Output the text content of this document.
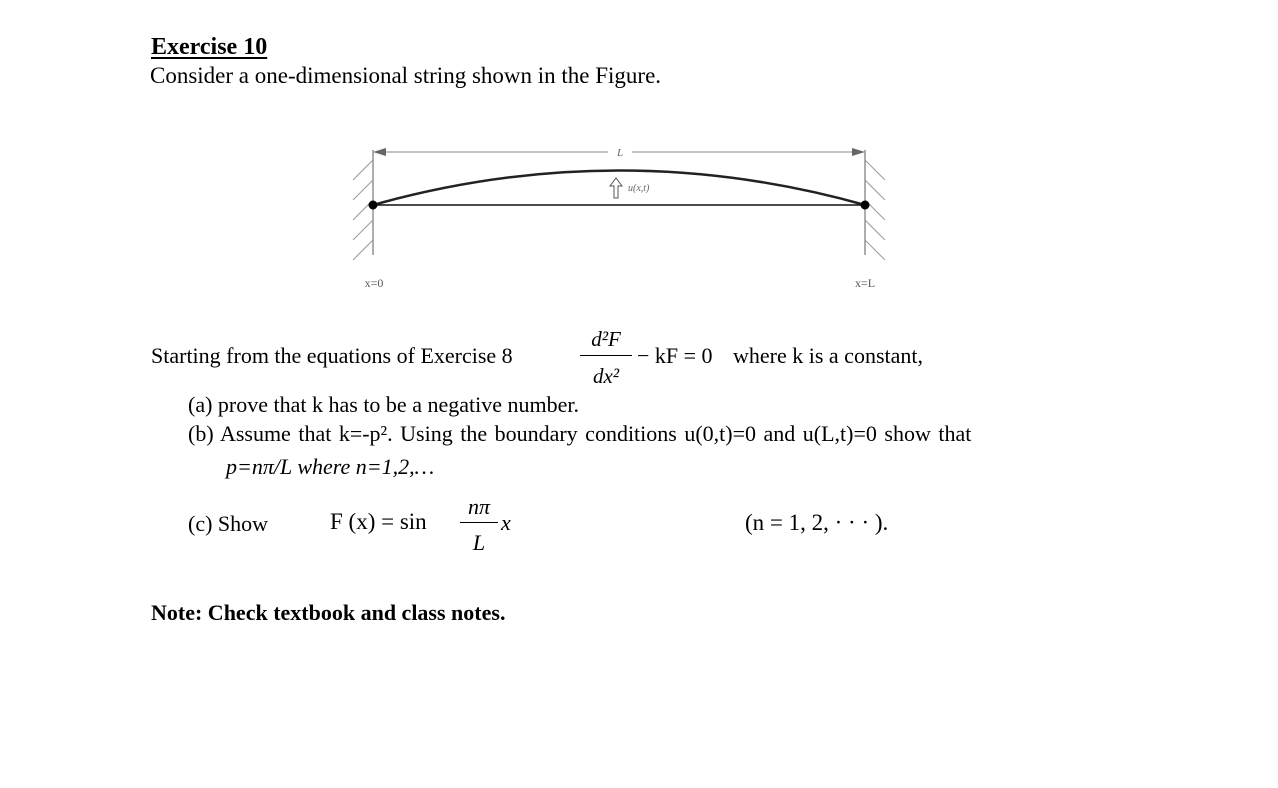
Exercise 10
Consider a one-dimensional string shown in the Figure.
L
u(x,t)
x=0	x=L
Starting from the equations of Exercise 8
d²F
dx²
− kF = 0 where k is a constant,
(a) prove that k has to be a negative number.
(b) Assume that k=-p². Using the boundary conditions u(0,t)=0 and u(L,t)=0 show that
p=nπ/L where n=1,2,…
(c) Show	F (x) = sin
nπ
L
x	(n = 1, 2, · · · ).
Note: Check textbook and class notes.
